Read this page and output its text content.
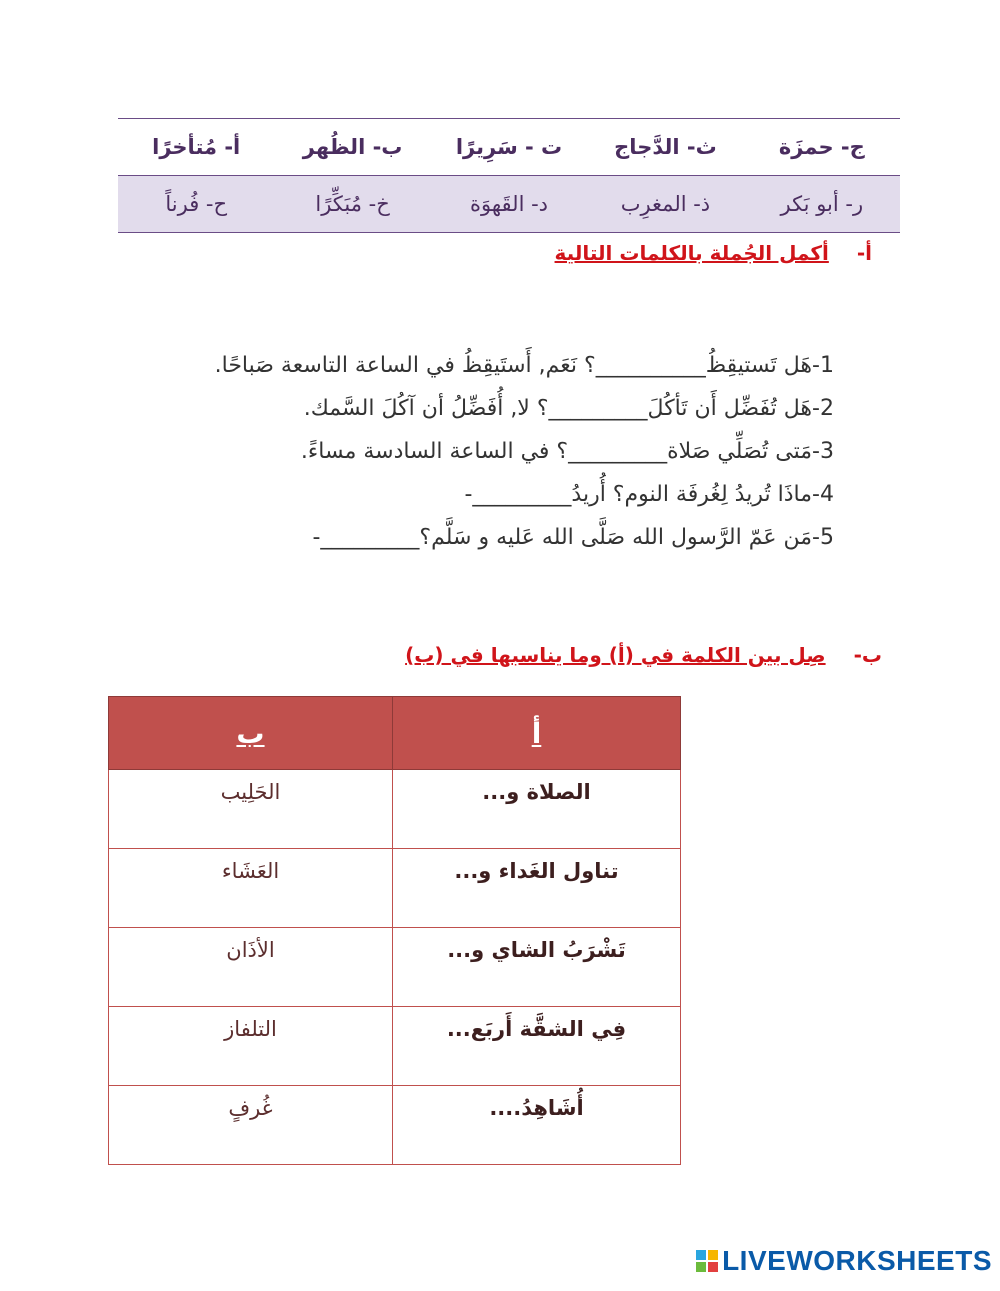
أ- مُتأخرًا	ب- الظُهر	ت - سَرِيرًا	ث- الدَّجاج	ج- حمزَة
ح- فُرناً	خ- مُبَكِّرًا	د- القَهوَة	ذ- المغرِب	ر- أبو بَكر
أ-أكمل الجُملة بالكلمات التالية
-1
هَل تَستيقِظُ__________؟ نَعَم, أَستَيقِظُ في الساعة التاسعة صَباحًا.
-2
هَل تُفَضِّل أَن تَأكُلَ_________؟ لا, أُفَضِّلُ أن آكُلَ السَّمك.
-3
مَتى تُصَلِّي صَلاة_________؟ في الساعة السادسة مساءً.
-4
ماذَا تُريدُ لِغُرفَة النوم؟ أُريدُ_________-
-5
مَن عَمّ الرَّسول الله صَلَّى الله عَليه و سَلَّم؟_________-
ب-صِل بين الكلمة في (أ) وما يناسبها في (ب)
أ	ب
الصلاة و...	الحَلِيب
تناول الغَداء و...	العَشَاء
تَشْرَبُ الشاي و...	الأذَان
فِي الشقَّة أَربَع...	التلفاز
أُشَاهِدُ....	غُرفٍ
LIVEWORKSHEETS
